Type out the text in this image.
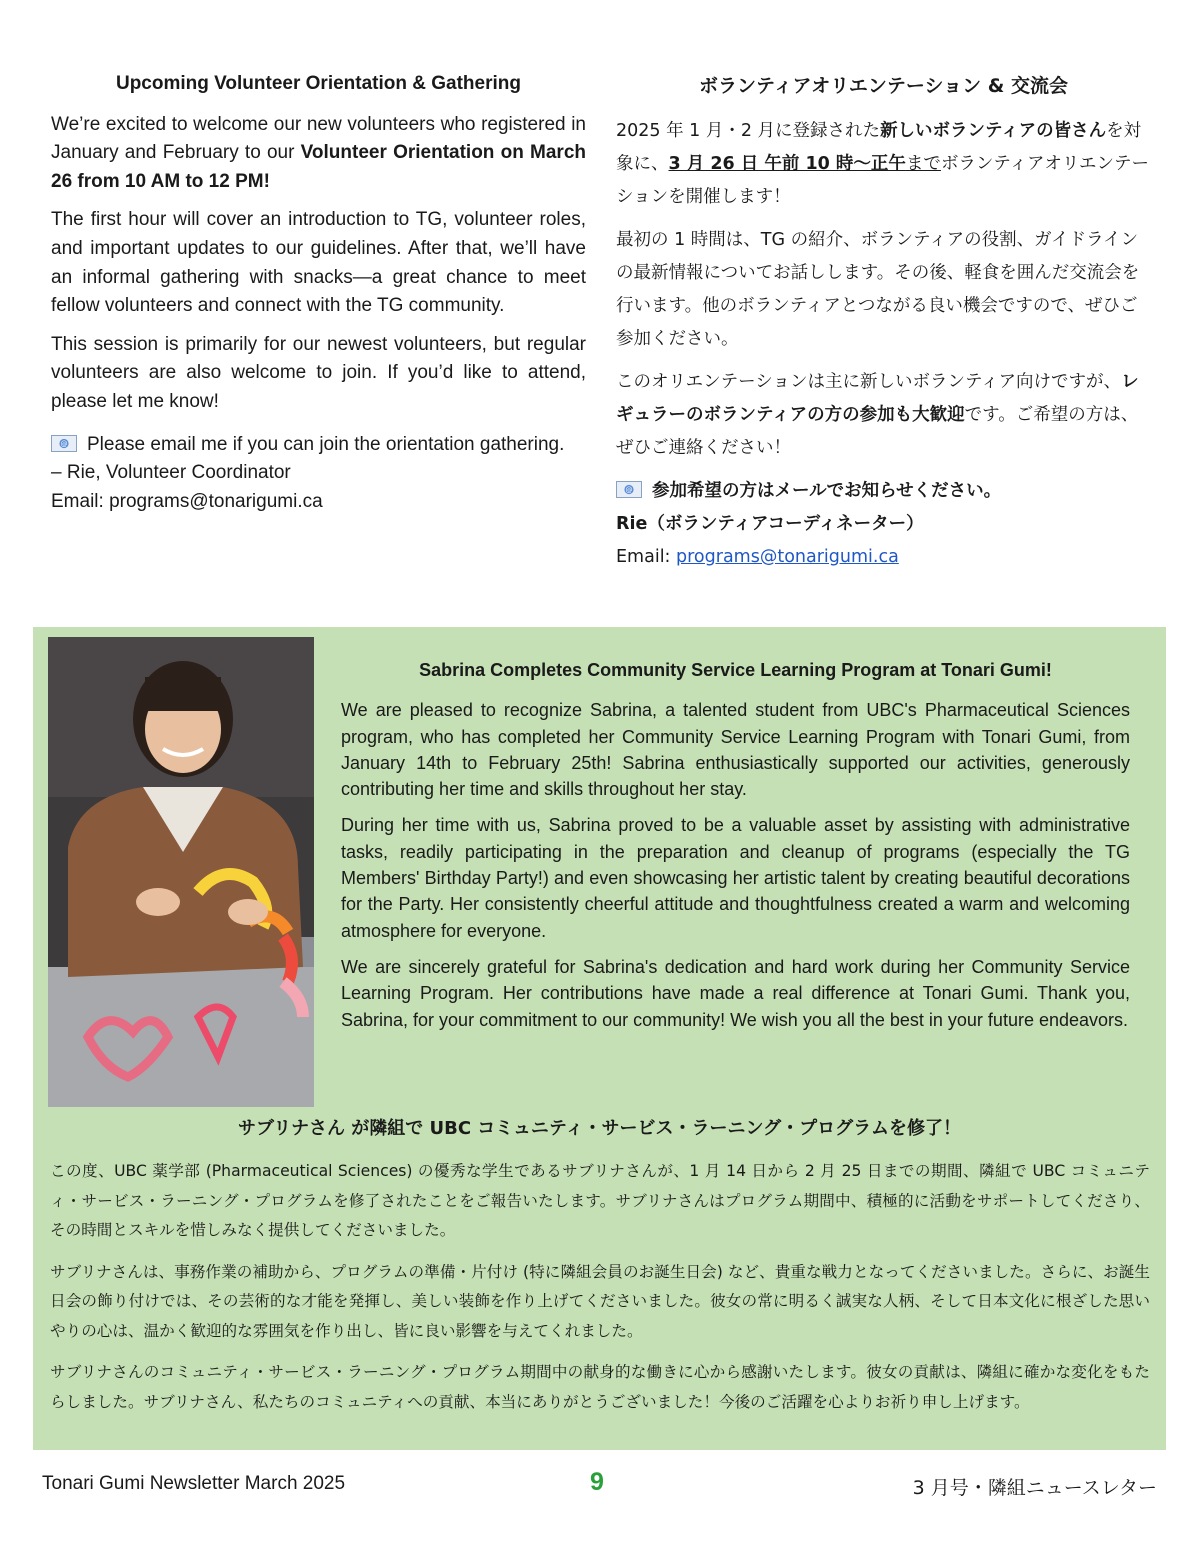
Upcoming Volunteer Orientation & Gathering

We’re excited to welcome our new volunteers who registered in January and February to our Volunteer Orientation on March 26 from 10 AM to 12 PM!

The first hour will cover an introduction to TG, volunteer roles, and important updates to our guidelines. After that, we’ll have an informal gathering with snacks—a great chance to meet fellow volunteers and connect with the TG community.

This session is primarily for our newest volunteers, but regular volunteers are also welcome to join. If you’d like to attend, please let me know!

@ Please email me if you can join the orientation gathering.
– Rie, Volunteer Coordinator
Email: programs@tonarigumi.ca

ボランティアオリエンテーション & 交流会

2025 年 1 月・2 月に登録された新しいボランティアの皆さんを対象に、3 月 26 日 午前 10 時～正午までボランティアオリエンテーションを開催します！

最初の 1 時間は、TG の紹介、ボランティアの役割、ガイドラインの最新情報についてお話しします。その後、軽食を囲んだ交流会を行います。他のボランティアとつながる良い機会ですので、ぜひご参加ください。

このオリエンテーションは主に新しいボランティア向けですが、レギュラーのボランティアの方の参加も大歓迎です。ご希望の方は、ぜひご連絡ください！

@ 参加希望の方はメールでお知らせください。
Rie（ボランティアコーディネーター）
Email: programs@tonarigumi.ca

Sabrina Completes Community Service Learning Program at Tonari Gumi!

We are pleased to recognize Sabrina, a talented student from UBC's Pharmaceutical Sciences program, who has completed her Community Service Learning Program with Tonari Gumi, from January 14th to February 25th! Sabrina enthusiastically supported our activities, generously contributing her time and skills throughout her stay.

During her time with us, Sabrina proved to be a valuable asset by assisting with administrative tasks, readily participating in the preparation and cleanup of programs (especially the TG Members' Birthday Party!) and even showcasing her artistic talent by creating beautiful decorations for the Party. Her consistently cheerful attitude and thoughtfulness created a warm and welcoming atmosphere for everyone.

We are sincerely grateful for Sabrina's dedication and hard work during her Community Service Learning Program. Her contributions have made a real difference at Tonari Gumi. Thank you, Sabrina, for your commitment to our community! We wish you all the best in your future endeavors.

サブリナさん が隣組で UBC コミュニティ・サービス・ラーニング・プログラムを修了！

この度、UBC 薬学部 (Pharmaceutical Sciences) の優秀な学生であるサブリナさんが、1 月 14 日から 2 月 25 日までの期間、隣組で UBC コミュニティ・サービス・ラーニング・プログラムを修了されたことをご報告いたします。サブリナさんはプログラム期間中、積極的に活動をサポートしてくださり、その時間とスキルを惜しみなく提供してくださいました。

サブリナさんは、事務作業の補助から、プログラムの準備・片付け (特に隣組会員のお誕生日会) など、貴重な戦力となってくださいました。さらに、お誕生日会の飾り付けでは、その芸術的な才能を発揮し、美しい装飾を作り上げてくださいました。彼女の常に明るく誠実な人柄、そして日本文化に根ざした思いやりの心は、温かく歓迎的な雰囲気を作り出し、皆に良い影響を与えてくれました。

サブリナさんのコミュニティ・サービス・ラーニング・プログラム期間中の献身的な働きに心から感謝いたします。彼女の貢献は、隣組に確かな変化をもたらしました。サブリナさん、私たちのコミュニティへの貢献、本当にありがとうございました！今後のご活躍を心よりお祈り申し上げます。

Tonari Gumi Newsletter March 2025	9	3 月号・隣組ニュースレター
